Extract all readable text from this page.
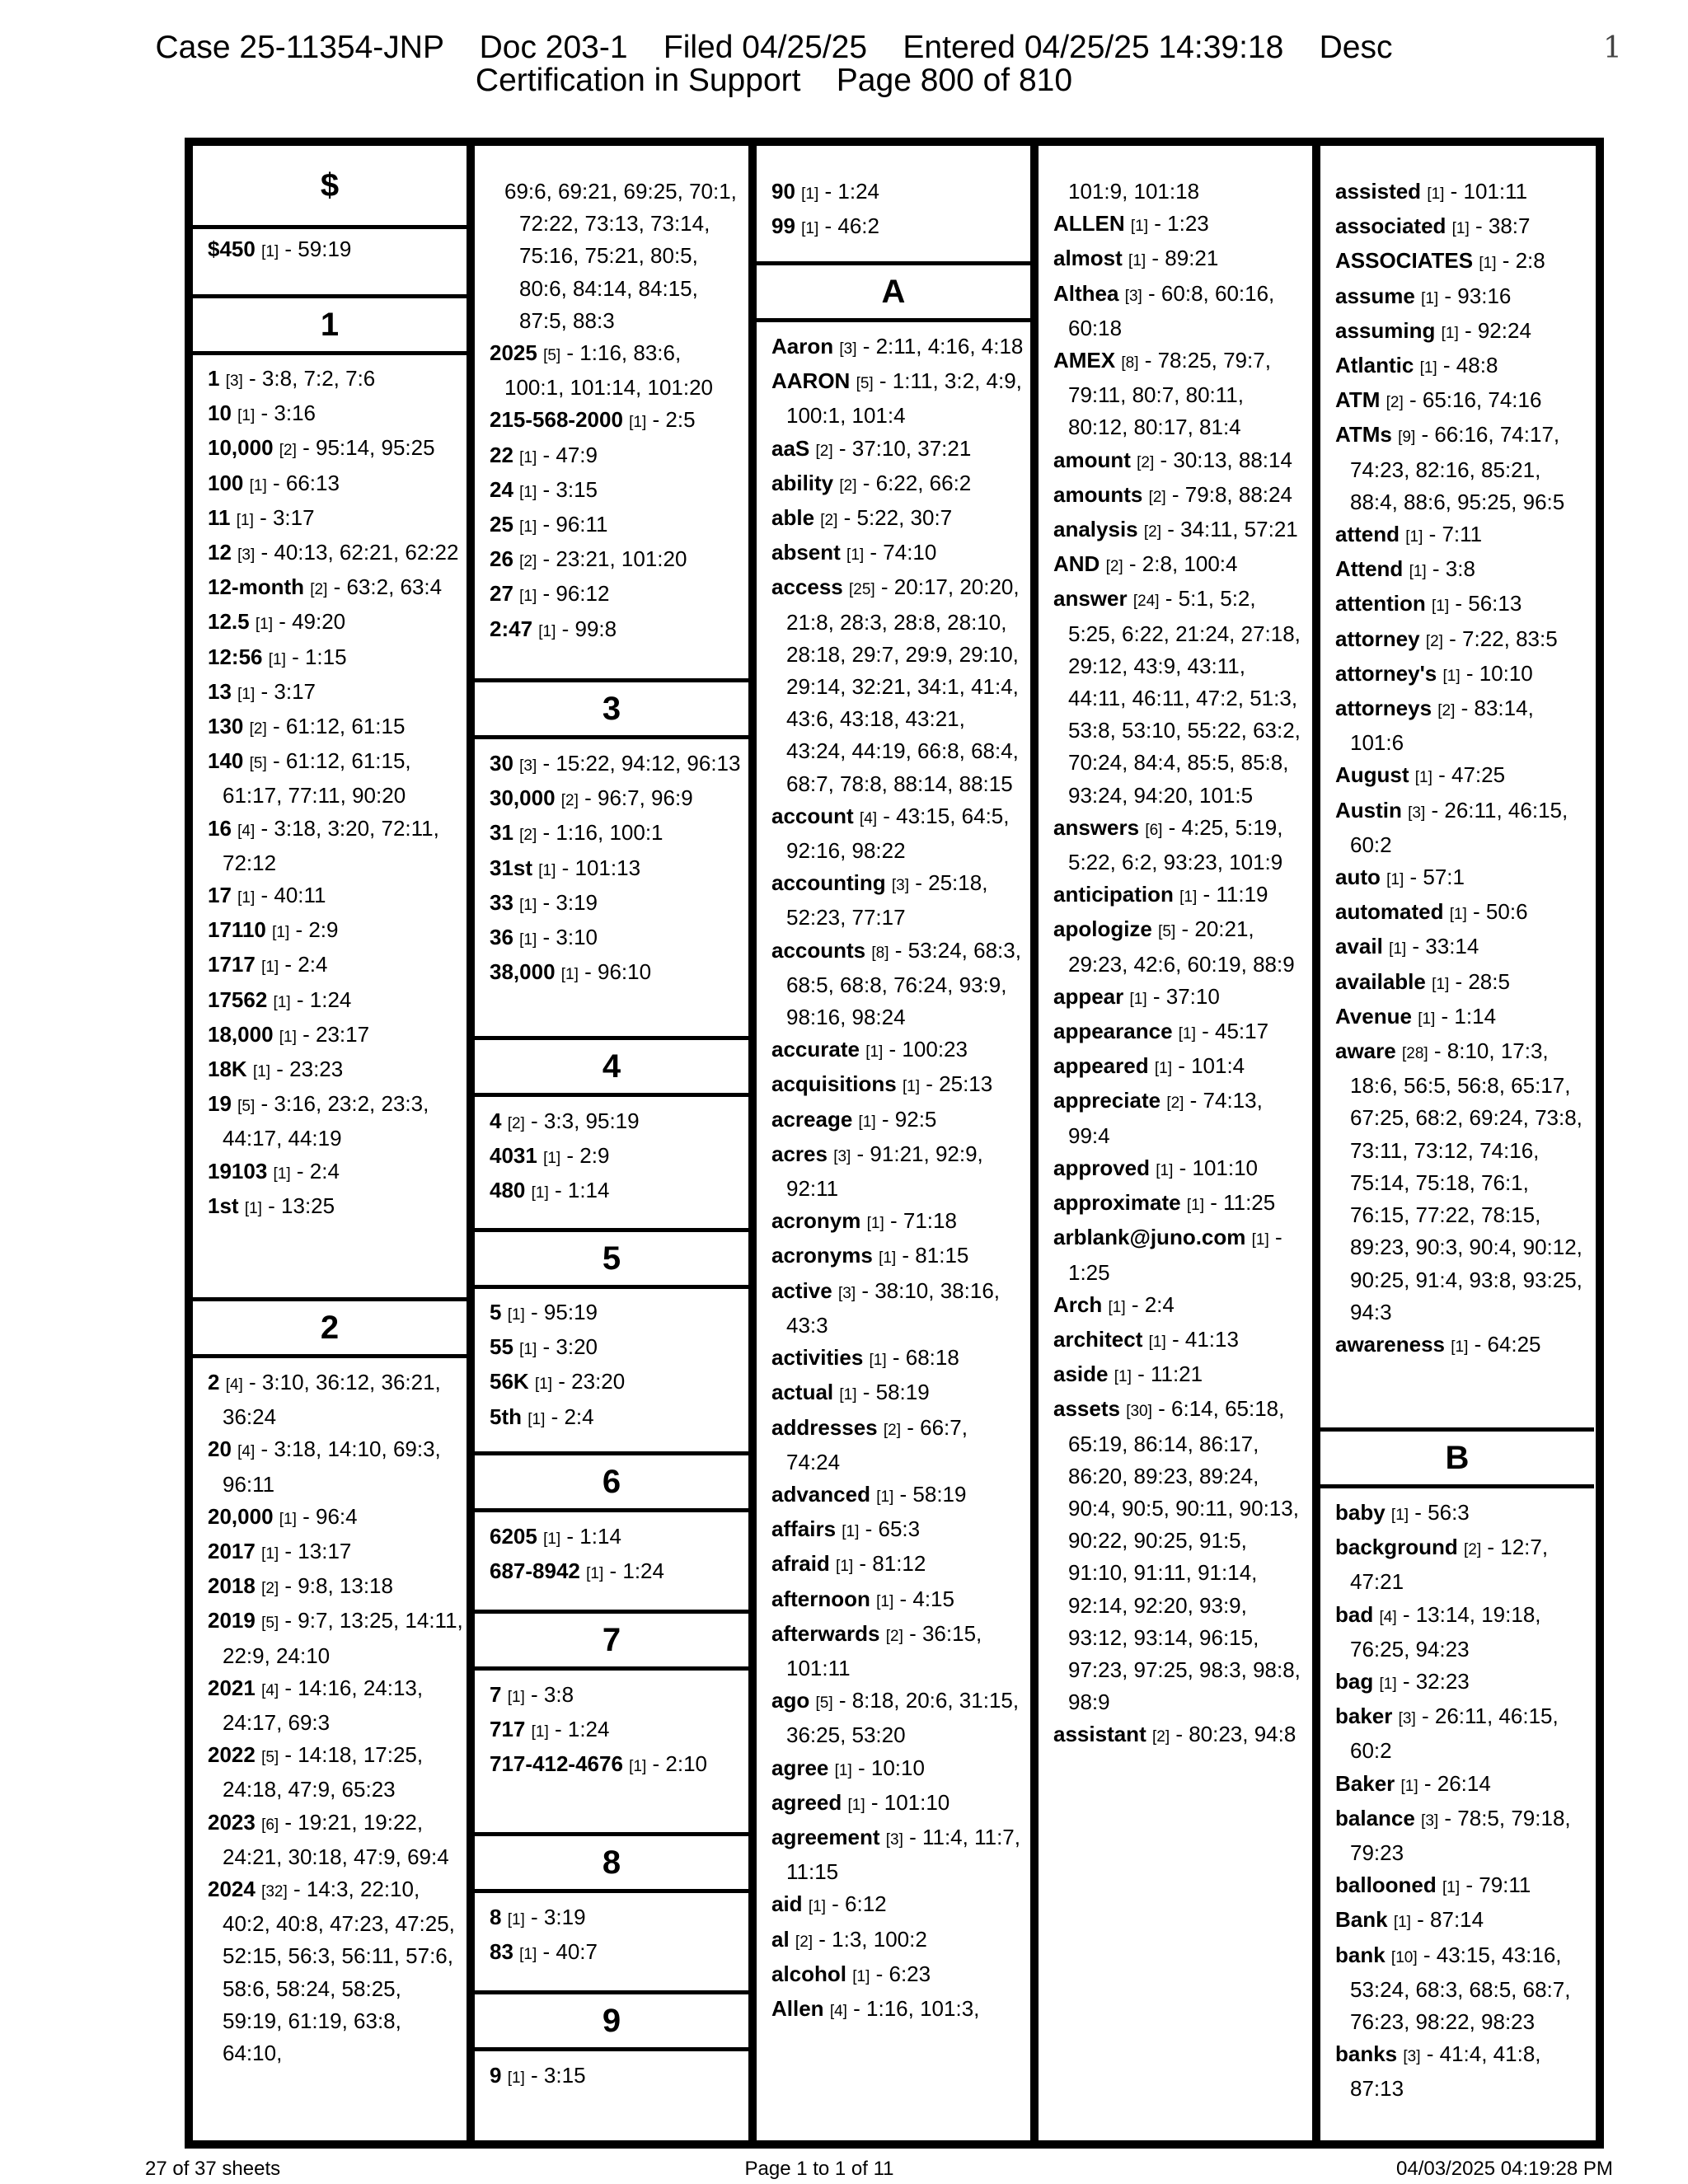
Case 25-11354-JNP    Doc 203-1    Filed 04/25/25    Entered 04/25/25 14:39:18    Desc
Certification in Support    Page 800 of 810
1
$
$450 [1] - 59:19
1
1 [3] - 3:8, 7:2, 7:6
10 [1] - 3:16
10,000 [2] - 95:14, 95:25
100 [1] - 66:13
11 [1] - 3:17
12 [3] - 40:13, 62:21, 62:22
12-month [2] - 63:2, 63:4
12.5 [1] - 49:20
12:56 [1] - 1:15
13 [1] - 3:17
130 [2] - 61:12, 61:15
140 [5] - 61:12, 61:15, 61:17, 77:11, 90:20
16 [4] - 3:18, 3:20, 72:11, 72:12
17 [1] - 40:11
17110 [1] - 2:9
1717 [1] - 2:4
17562 [1] - 1:24
18,000 [1] - 23:17
18K [1] - 23:23
19 [5] - 3:16, 23:2, 23:3, 44:17, 44:19
19103 [1] - 2:4
1st [1] - 13:25
2
2 [4] - 3:10, 36:12, 36:21, 36:24
20 [4] - 3:18, 14:10, 69:3, 96:11
20,000 [1] - 96:4
2017 [1] - 13:17
2018 [2] - 9:8, 13:18
2019 [5] - 9:7, 13:25, 14:11, 22:9, 24:10
2021 [4] - 14:16, 24:13, 24:17, 69:3
2022 [5] - 14:18, 17:25, 24:18, 47:9, 65:23
2023 [6] - 19:21, 19:22, 24:21, 30:18, 47:9, 69:4
2024 [32] - 14:3, 22:10, 40:2, 40:8, 47:23, 47:25, 52:15, 56:3, 56:11, 57:6, 58:6, 58:24, 58:25, 59:19, 61:19, 63:8, 64:10,
69:6, 69:21, 69:25, 70:1, 72:22, 73:13, 73:14, 75:16, 75:21, 80:5, 80:6, 84:14, 84:15, 87:5, 88:3
2025 [5] - 1:16, 83:6, 100:1, 101:14, 101:20
215-568-2000 [1] - 2:5
22 [1] - 47:9
24 [1] - 3:15
25 [1] - 96:11
26 [2] - 23:21, 101:20
27 [1] - 96:12
2:47 [1] - 99:8
3
30 [3] - 15:22, 94:12, 96:13
30,000 [2] - 96:7, 96:9
31 [2] - 1:16, 100:1
31st [1] - 101:13
33 [1] - 3:19
36 [1] - 3:10
38,000 [1] - 96:10
4
4 [2] - 3:3, 95:19
4031 [1] - 2:9
480 [1] - 1:14
5
5 [1] - 95:19
55 [1] - 3:20
56K [1] - 23:20
5th [1] - 2:4
6
6205 [1] - 1:14
687-8942 [1] - 1:24
7
7 [1] - 3:8
717 [1] - 1:24
717-412-4676 [1] - 2:10
8
8 [1] - 3:19
83 [1] - 40:7
9
9 [1] - 3:15
90 [1] - 1:24
99 [1] - 46:2
A
Aaron [3] - 2:11, 4:16, 4:18
AARON [5] - 1:11, 3:2, 4:9, 100:1, 101:4
aaS [2] - 37:10, 37:21
ability [2] - 6:22, 66:2
able [2] - 5:22, 30:7
absent [1] - 74:10
access [25] - 20:17, 20:20, 21:8, 28:3, 28:8, 28:10, 28:18, 29:7, 29:9, 29:10, 29:14, 32:21, 34:1, 41:4, 43:6, 43:18, 43:21, 43:24, 44:19, 66:8, 68:4, 68:7, 78:8, 88:14, 88:15
account [4] - 43:15, 64:5, 92:16, 98:22
accounting [3] - 25:18, 52:23, 77:17
accounts [8] - 53:24, 68:3, 68:5, 68:8, 76:24, 93:9, 98:16, 98:24
accurate [1] - 100:23
acquisitions [1] - 25:13
acreage [1] - 92:5
acres [3] - 91:21, 92:9, 92:11
acronym [1] - 71:18
acronyms [1] - 81:15
active [3] - 38:10, 38:16, 43:3
activities [1] - 68:18
actual [1] - 58:19
addresses [2] - 66:7, 74:24
advanced [1] - 58:19
affairs [1] - 65:3
afraid [1] - 81:12
afternoon [1] - 4:15
afterwards [2] - 36:15, 101:11
ago [5] - 8:18, 20:6, 31:15, 36:25, 53:20
agree [1] - 10:10
agreed [1] - 101:10
agreement [3] - 11:4, 11:7, 11:15
aid [1] - 6:12
al [2] - 1:3, 100:2
alcohol [1] - 6:23
Allen [4] - 1:16, 101:3,
101:9, 101:18
ALLEN [1] - 1:23
almost [1] - 89:21
Althea [3] - 60:8, 60:16, 60:18
AMEX [8] - 78:25, 79:7, 79:11, 80:7, 80:11, 80:12, 80:17, 81:4
amount [2] - 30:13, 88:14
amounts [2] - 79:8, 88:24
analysis [2] - 34:11, 57:21
AND [2] - 2:8, 100:4
answer [24] - 5:1, 5:2, 5:25, 6:22, 21:24, 27:18, 29:12, 43:9, 43:11, 44:11, 46:11, 47:2, 51:3, 53:8, 53:10, 55:22, 63:2, 70:24, 84:4, 85:5, 85:8, 93:24, 94:20, 101:5
answers [6] - 4:25, 5:19, 5:22, 6:2, 93:23, 101:9
anticipation [1] - 11:19
apologize [5] - 20:21, 29:23, 42:6, 60:19, 88:9
appear [1] - 37:10
appearance [1] - 45:17
appeared [1] - 101:4
appreciate [2] - 74:13, 99:4
approved [1] - 101:10
approximate [1] - 11:25
arblank@juno.com [1] - 1:25
Arch [1] - 2:4
architect [1] - 41:13
aside [1] - 11:21
assets [30] - 6:14, 65:18, 65:19, 86:14, 86:17, 86:20, 89:23, 89:24, 90:4, 90:5, 90:11, 90:13, 90:22, 90:25, 91:5, 91:10, 91:11, 91:14, 92:14, 92:20, 93:9, 93:12, 93:14, 96:15, 97:23, 97:25, 98:3, 98:8, 98:9
assistant [2] - 80:23, 94:8
assisted [1] - 101:11
associated [1] - 38:7
ASSOCIATES [1] - 2:8
assume [1] - 93:16
assuming [1] - 92:24
Atlantic [1] - 48:8
ATM [2] - 65:16, 74:16
ATMs [9] - 66:16, 74:17, 74:23, 82:16, 85:21, 88:4, 88:6, 95:25, 96:5
attend [1] - 7:11
Attend [1] - 3:8
attention [1] - 56:13
attorney [2] - 7:22, 83:5
attorney's [1] - 10:10
attorneys [2] - 83:14, 101:6
August [1] - 47:25
Austin [3] - 26:11, 46:15, 60:2
auto [1] - 57:1
automated [1] - 50:6
avail [1] - 33:14
available [1] - 28:5
Avenue [1] - 1:14
aware [28] - 8:10, 17:3, 18:6, 56:5, 56:8, 65:17, 67:25, 68:2, 69:24, 73:8, 73:11, 73:12, 74:16, 75:14, 75:18, 76:1, 76:15, 77:22, 78:15, 89:23, 90:3, 90:4, 90:12, 90:25, 91:4, 93:8, 93:25, 94:3
awareness [1] - 64:25
B
baby [1] - 56:3
background [2] - 12:7, 47:21
bad [4] - 13:14, 19:18, 76:25, 94:23
bag [1] - 32:23
baker [3] - 26:11, 46:15, 60:2
Baker [1] - 26:14
balance [3] - 78:5, 79:18, 79:23
ballooned [1] - 79:11
Bank [1] - 87:14
bank [10] - 43:15, 43:16, 53:24, 68:3, 68:5, 68:7, 76:23, 98:22, 98:23
banks [3] - 41:4, 41:8, 87:13
27 of 37 sheets	Page 1 to 1 of 11	04/03/2025 04:19:28 PM
